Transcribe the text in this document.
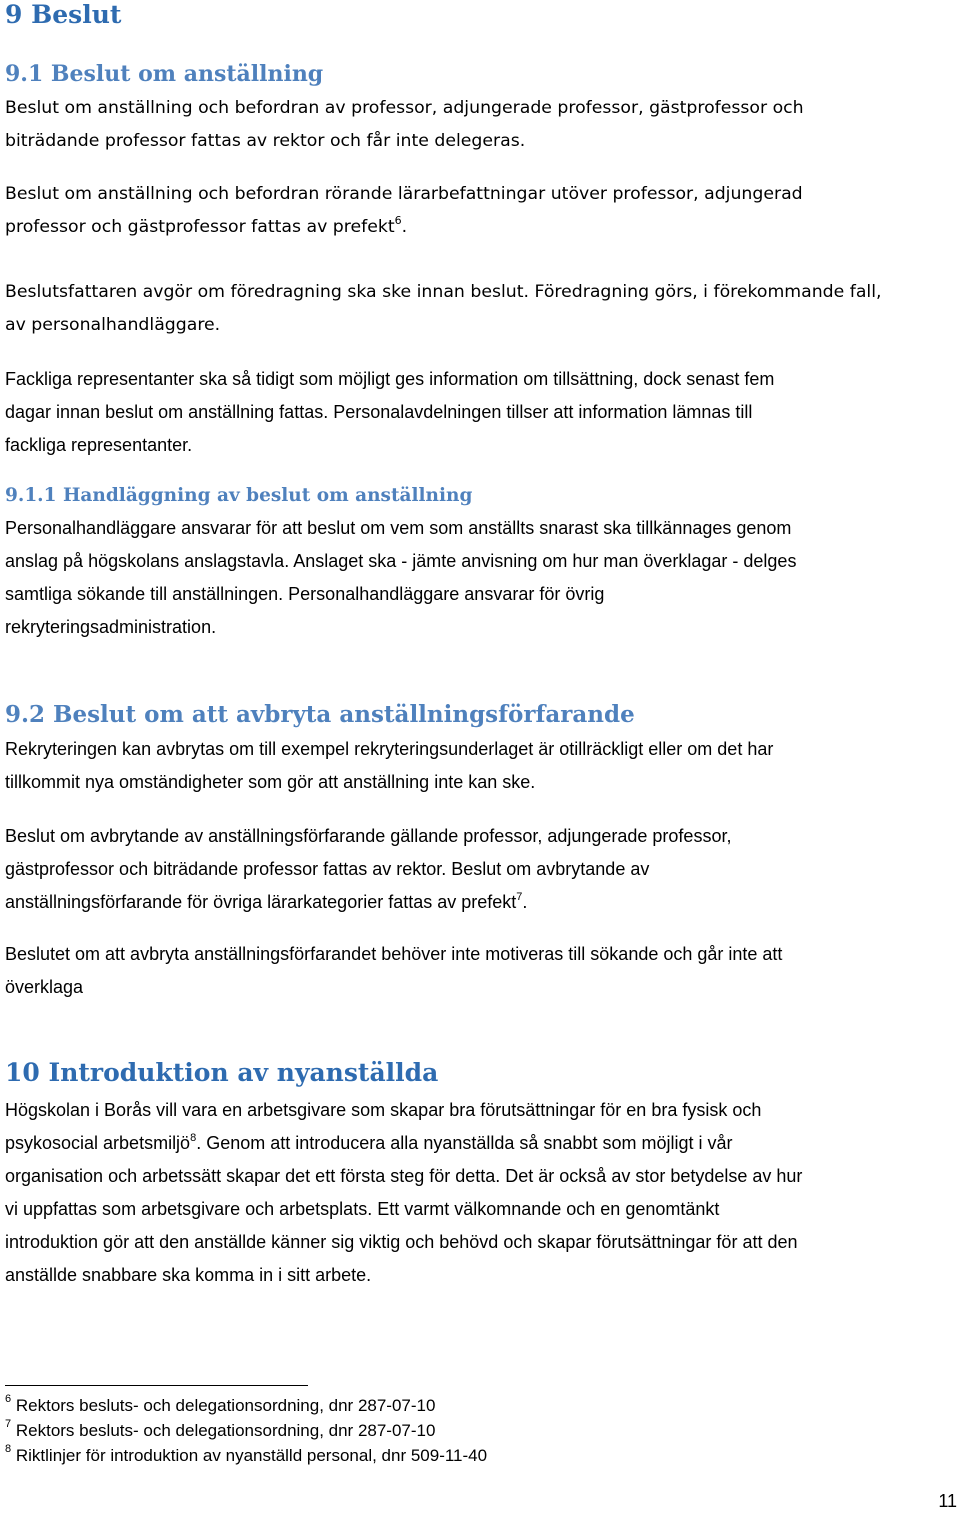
9 Beslut
9.1 Beslut om anställning
Beslut om anställning och befordran av professor, adjungerade professor, gästprofessor och
biträdande professor fattas av rektor och får inte delegeras.
Beslut om anställning och befordran rörande lärarbefattningar utöver professor, adjungerad
professor och gästprofessor fattas av prefekt$^6$.
Beslutsfattaren avgör om föredragning ska ske innan beslut. Föredragning görs, i förekommande fall,
av personalhandläggare.
Fackliga representanter ska så tidigt som möjligt ges information om tillsättning, dock senast fem
dagar innan beslut om anställning fattas. Personalavdelningen tillser att information lämnas till
fackliga representanter.
9.1.1 Handläggning av beslut om anställning
Personalhandläggare ansvarar för att beslut om vem som anställts snarast ska tillkännages genom
anslag på högskolans anslagstavla. Anslaget ska - jämte anvisning om hur man överklagar - delges
samtliga sökande till anställningen. Personalhandläggare ansvarar för övrig
rekryteringsadministration.
9.2 Beslut om att avbryta anställningsförfarande
Rekryteringen kan avbrytas om till exempel rekryteringsunderlaget är otillräckligt eller om det har
tillkommit nya omständigheter som gör att anställning inte kan ske.
Beslut om avbrytande av anställningsförfarande gällande professor, adjungerade professor,
gästprofessor och biträdande professor fattas av rektor. Beslut om avbrytande av
anställningsförfarande för övriga lärarkategorier fattas av prefekt$^7$.
Beslutet om att avbryta anställningsförfarandet behöver inte motiveras till sökande och går inte att
överklaga
10 Introduktion av nyanställda
Högskolan i Borås vill vara en arbetsgivare som skapar bra förutsättningar för en bra fysisk och
psykosocial arbetsmiljö$^8$. Genom att introducera alla nyanställda så snabbt som möjligt i vår
organisation och arbetssätt skapar det ett första steg för detta. Det är också av stor betydelse av hur
vi uppfattas som arbetsgivare och arbetsplats. Ett varmt välkomnande och en genomtänkt
introduktion gör att den anställde känner sig viktig och behövd och skapar förutsättningar för att den
anställde snabbare ska komma in i sitt arbete.
$^6$ Rektors besluts- och delegationsordning, dnr 287-07-10
$^7$ Rektors besluts- och delegationsordning, dnr 287-07-10
$^8$ Riktlinjer för introduktion av nyanställd personal, dnr 509-11-40
11
